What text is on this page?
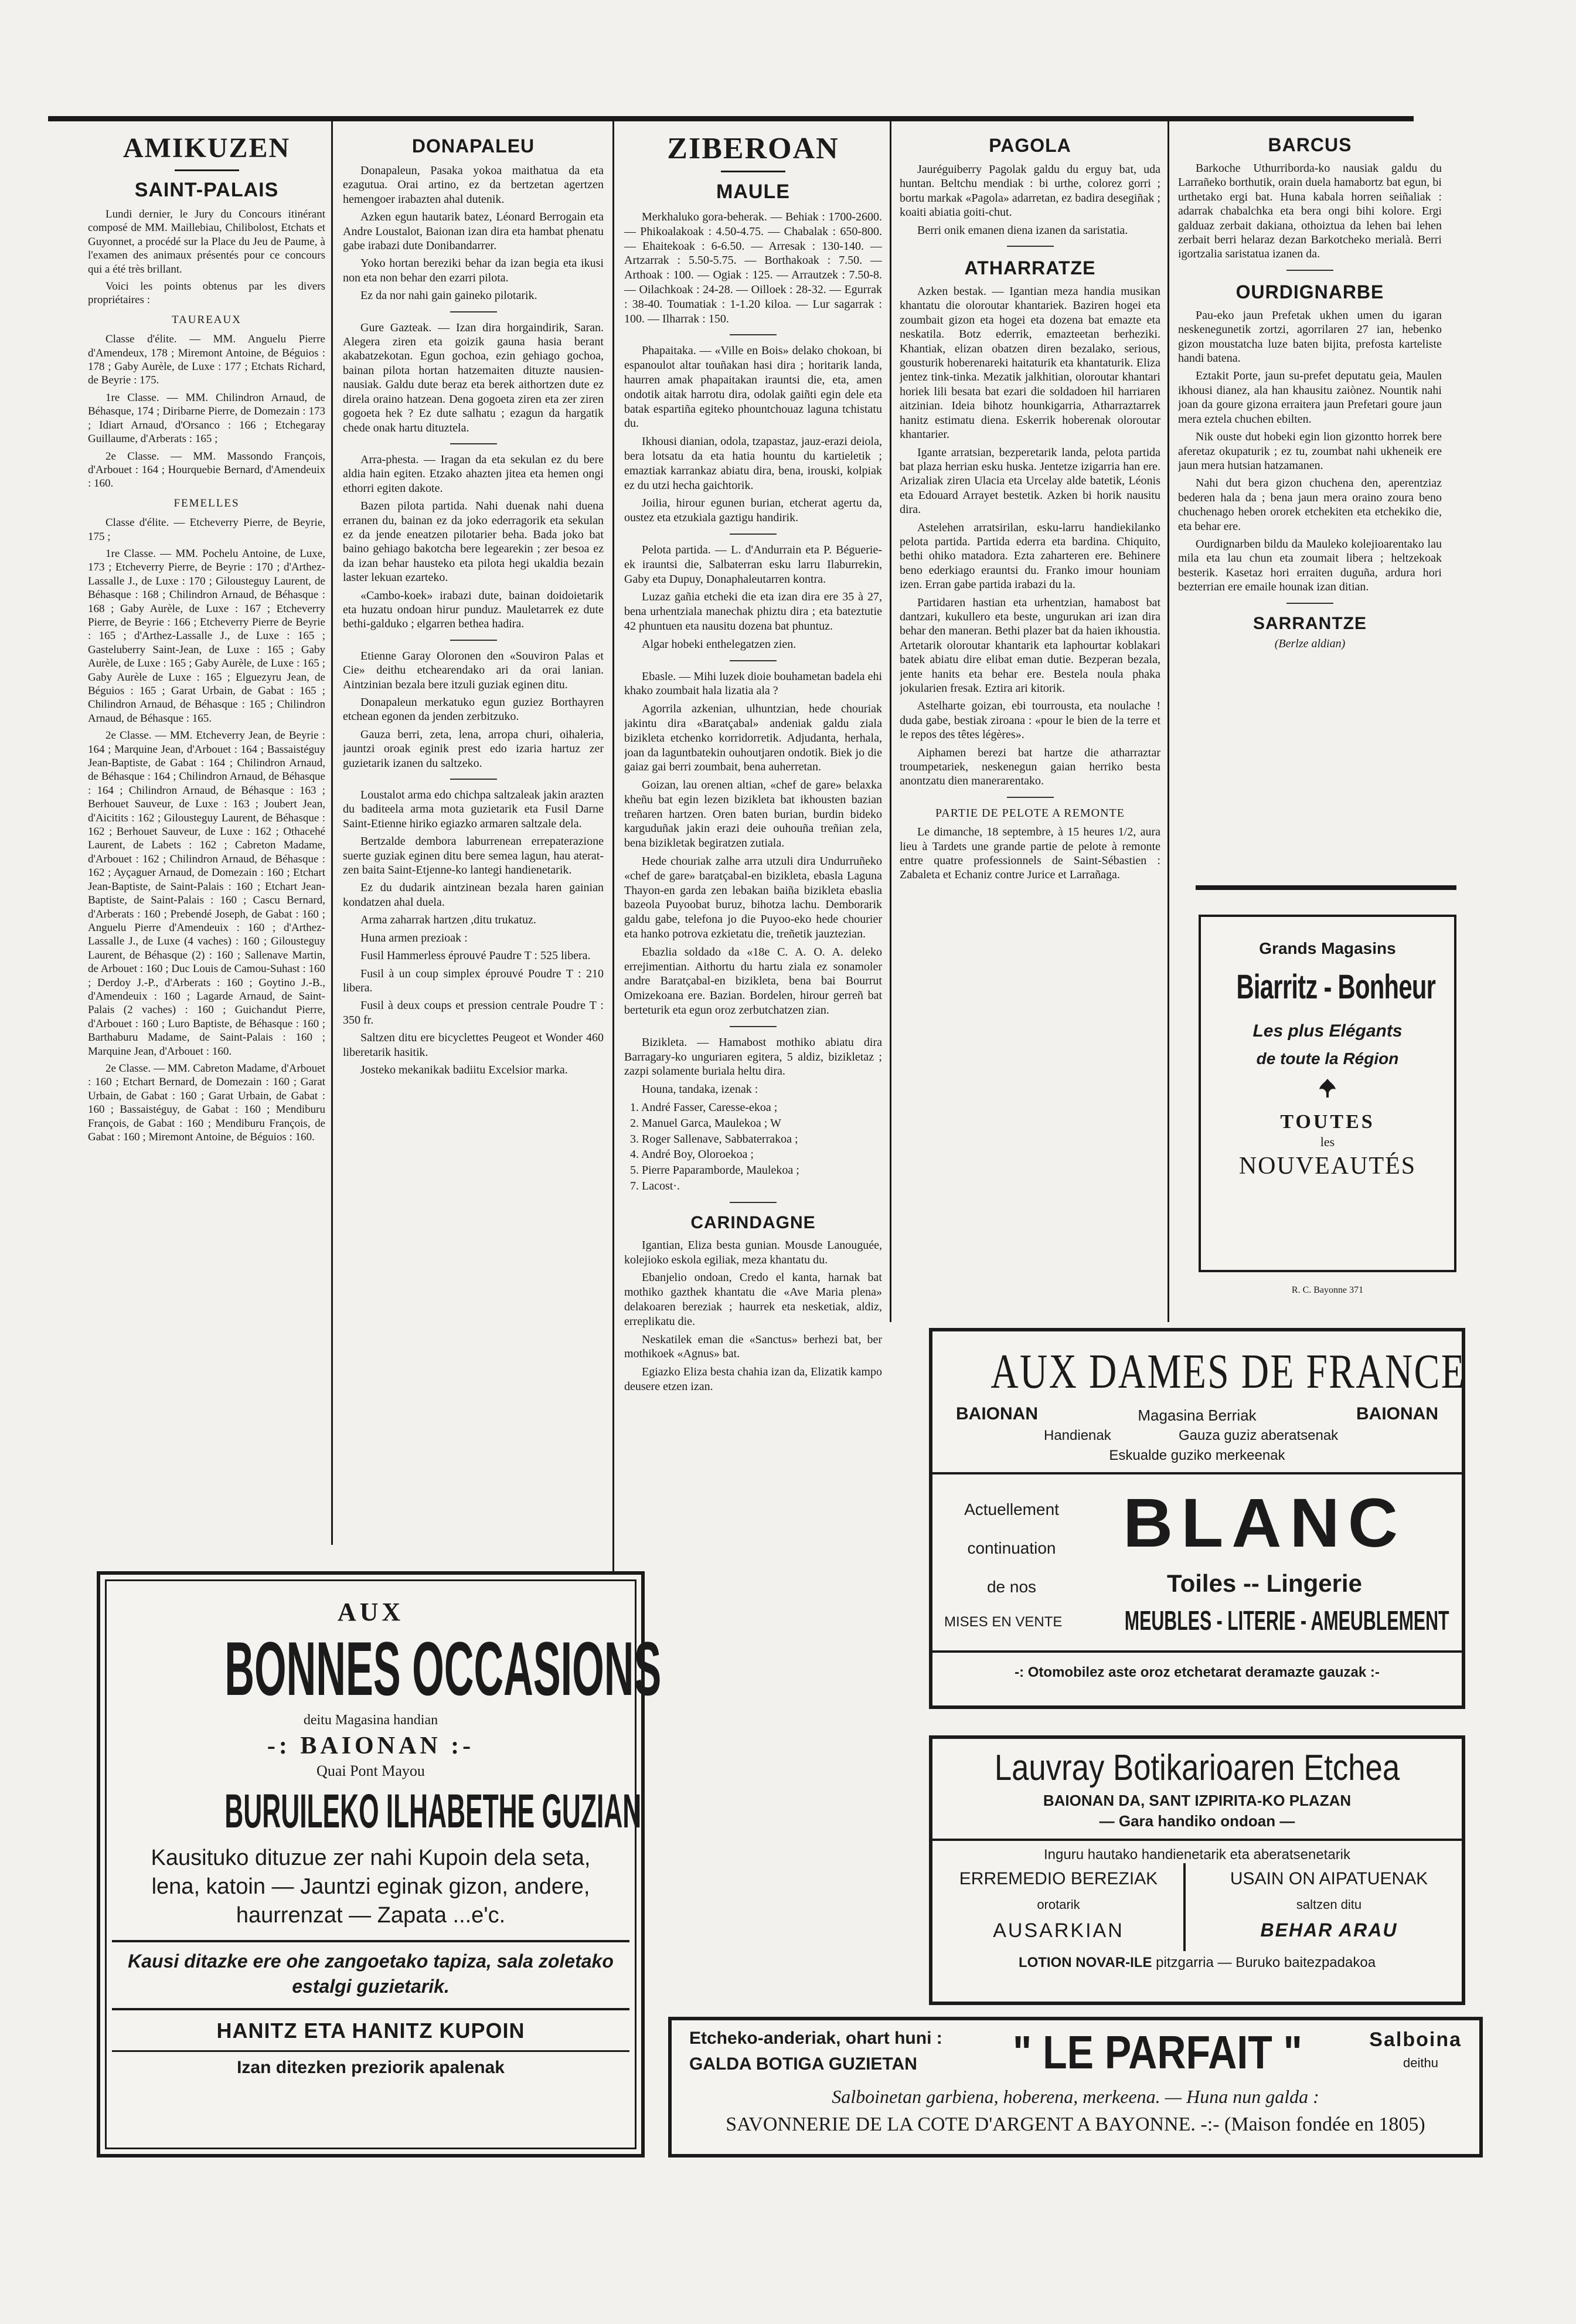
AMIKUZEN
SAINT-PALAIS

Lundi dernier, le Jury du Concours itinérant composé de MM. Maillebiau, Chilibolost, Etchats et Guyonnet, a procédé sur la Place du Jeu de Paume, à l'examen des animaux présentés pour ce concours qui a été très brillant.

Voici les points obtenus par les divers propriétaires :

TAUREAUX

Classe d'élite. — MM. Anguelu Pierre d'Amendeux, 178 ; Miremont Antoine, de Béguios : 178 ; Gaby Aurèle, de Luxe : 177 ; Etchats Richard, de Beyrie : 175.

1re Classe. — MM. Chilindron Arnaud, de Béhasque, 174 ; Diribarne Pierre, de Domezain : 173 ; Idiart Arnaud, d'Orsanco : 166 ; Etchegaray Guillaume, d'Arberats : 165 ;

2e Classe. — MM. Massondo François, d'Arbouet : 164 ; Hourquebie Bernard, d'Amendeuix : 160.

FEMELLES

Classe d'élite. — Etcheverry Pierre, de Beyrie, 175 ;

1re Classe. — MM. Pochelu Antoine, de Luxe, 173 ; Etcheverry Pierre, de Beyrie : 170 ; d'Arthez-Lassalle J., de Luxe : 170 ; Gilousteguy Laurent, de Béhasque : 168 ; Chilindron Arnaud, de Béhasque : 168 ; Gaby Aurèle, de Luxe : 167 ; Etcheverry Pierre, de Beyrie : 166 ; Etcheverry Pierre de Beyrie : 165 ; d'Arthez-Lassalle J., de Luxe : 165 ; Gasteluberry Saint-Jean, de Luxe : 165 ; Gaby Aurèle, de Luxe : 165 ; Gaby Aurèle, de Luxe : 165 ; Gaby Aurèle de Luxe : 165 ; Elguezyru Jean, de Béguios : 165 ; Garat Urbain, de Gabat : 165 ; Chilindron Arnaud, de Béhasque : 165 ; Chilindron Arnaud, de Béhasque : 165.

2e Classe. — MM. Etcheverry Jean, de Beyrie : 164 ; Marquine Jean, d'Arbouet : 164 ; Bassaistéguy Jean-Baptiste, de Gabat : 164 ; Chilindron Arnaud, de Béhasque : 164 ; Chilindron Arnaud, de Béhasque : 164 ; Chilindron Arnaud, de Béhasque : 163 ; Berhouet Sauveur, de Luxe : 163 ; Joubert Jean, d'Aicitits : 162 ; Gilousteguy Laurent, de Béhasque : 162 ; Berhouet Sauveur, de Luxe : 162 ; Othacehé Laurent, de Labets : 162 ; Cabreton Madame, d'Arbouet : 162 ; Chilindron Arnaud, de Béhasque : 162 ; Ayçaguer Arnaud, de Domezain : 160 ; Etchart Jean-Baptiste, de Saint-Palais : 160 ; Etchart Jean-Baptiste, de Saint-Palais : 160 ; Cascu Bernard, d'Arberats : 160 ; Prebendé Joseph, de Gabat : 160 ; Anguelu Pierre d'Amendeuix : 160 ; d'Arthez-Lassalle J., de Luxe (4 vaches) : 160 ; Gilousteguy Laurent, de Béhasque (2) : 160 ; Sallenave Martin, de Arbouet : 160 ; Duc Louis de Camou-Suhast : 160 ; Derdoy J.-P., d'Arberats : 160 ; Goytino J.-B., d'Amendeuix : 160 ; Lagarde Arnaud, de Saint-Palais (2 vaches) : 160 ; Guichandut Pierre, d'Arbouet : 160 ; Luro Baptiste, de Béhasque : 160 ; Barthaburu Madame, de Saint-Palais : 160 ; Marquine Jean, d'Arbouet : 160.

2e Classe. — MM. Cabreton Madame, d'Arbouet : 160 ; Etchart Bernard, de Domezain : 160 ; Garat Urbain, de Gabat : 160 ; Garat Urbain, de Gabat : 160 ; Bassaistéguy, de Gabat : 160 ; Mendiburu François, de Gabat : 160 ; Mendiburu François, de Gabat : 160 ; Miremont Antoine, de Béguios : 160.

DONAPALEU

Donapaleun, Pasaka yokoa maithatua da eta ezagutua. Orai artino, ez da bertzetan agertzen hemengoer irabazten ahal dutenik.

Azken egun hautarik batez, Léonard Berrogain eta Andre Loustalot, Baionan izan dira eta hambat phenatu gabe irabazi dute Donibandarrer.

Yoko hortan bereziki behar da izan begia eta ikusi non eta non behar den ezarri pilota.

Ez da nor nahi gain gaineko pilotarik.

Gure Gazteak. — Izan dira horgaindirik, Saran. Alegera ziren eta goizik gauna hasia berant akabatzekotan. Egun gochoa, ezin gehiago gochoa, bainan pilota hortan hatzemaiten dituzte nausien-nausiak. Galdu dute beraz eta berek aithortzen dute ez direla oraino hatzean. Dena gogoeta ziren eta zer ziren gogoeta hek ? Ez dute salhatu ; ezagun da hargatik chede onak hartu dituztela.

Arra-phesta. — Iragan da eta sekulan ez du bere aldia hain egiten. Etzako ahazten jitea eta hemen ongi ethorri egiten dakote.

Bazen pilota partida. Nahi duenak nahi duena erranen du, bainan ez da joko ederragorik eta sekulan ez da jende eneatzen pilotarier beha. Bada joko bat baino gehiago bakotcha bere legearekin ; zer besoa ez da izan behar hausteko eta pilota hegi ukaldia bezain laster lekuan ezarteko.

«Cambo-koek» irabazi dute, bainan doidoietarik eta huzatu ondoan hirur punduz. Mauletarrek ez dute bethi-galduko ; elgarren bethea hadira.

Etienne Garay Oloronen den «Souviron Palas et Cie» deithu etchearendako ari da orai lanian. Aintzinian bezala bere itzuli guziak eginen ditu.

Donapaleun merkatuko egun guziez Borthayren etchean egonen da jenden zerbitzuko.

Gauza berri, zeta, lena, arropa churi, oihaleria, jauntzi oroak eginik prest edo izaria hartuz zer guzietarik izanen du saltzeko.

Loustalot arma edo chichpa saltzaleak jakin arazten du baditeela arma mota guzietarik eta Fusil Darne Saint-Etienne hiriko egiazko armaren saltzale dela.

Bertzalde dembora laburrenean errepaterazione suerte guziak eginen ditu bere semea lagun, hau aterat-zen baita Saint-Etjenne-ko lantegi handienetarik.

Ez du dudarik aintzinean bezala haren gainian kondatzen ahal duela.

Arma zaharrak hartzen ,ditu trukatuz.

Huna armen prezioak :

Fusil Hammerless éprouvé Paudre T : 525 libera.

Fusil à un coup simplex éprouvé Poudre T : 210 libera.

Fusil à deux coups et pression centrale Poudre T : 350 fr.

Saltzen ditu ere bicyclettes Peugeot et Wonder 460 liberetarik hasitik.

Josteko mekanikak badiitu Excelsior marka.

ZIBEROAN
MAULE

Merkhaluko gora-beherak. — Behiak : 1700-2600. — Phikoalakoak : 4.50-4.75. — Chabalak : 650-800. — Ehaitekoak : 6-6.50. — Arresak : 130-140. — Artzarrak : 5.50-5.75. — Borthakoak : 7.50. — Arthoak : 100. — Ogiak : 125. — Arrautzek : 7.50-8. — Oilachkoak : 24-28. — Oilloek : 28-32. — Egurrak : 38-40. Toumatiak : 1-1.20 kiloa. — Lur sagarrak : 100. — Ilharrak : 150.

Phapaitaka. — «Ville en Bois» delako chokoan, bi espanoulot altar touñakan hasi dira ; horitarik landa, haurren amak phapaitakan irauntsi die, eta, amen ondotik aitak harrotu dira, odolak gaiñti egin dele eta batak espartiña egiteko phountchouaz laguna tchistatu du.

Ikhousi dianian, odola, tzapastaz, jauz-erazi deiola, bera lotsatu da eta hatia hountu du kartieletik ; emaztiak karrankaz abiatu dira, bena, irouski, kolpiak ez du utzi hecha gaichtorik.

Joilia, hirour egunen burian, etcherat agertu da, oustez eta etzukiala gaztigu handirik.

Pelota partida. — L. d'Andurrain eta P. Béguerie-ek irauntsi die, Salbaterran esku larru Ilaburrekin, Gaby eta Dupuy, Donaphaleutarren kontra.

Luzaz gañia etcheki die eta izan dira ere 35 à 27, bena urhentziala manechak phiztu dira ; eta bateztutie 42 phuntuen eta nausitu dozena bat phuntuz.

Algar hobeki enthelegatzen zien.

Ebasle. — Mihi luzek dioie bouhametan badela ehi khako zoumbait hala lizatia ala ?

Agorrila azkenian, ulhuntzian, hede chouriak jakintu dira «Baratçabal» andeniak galdu ziala bizikleta etchenko korridorretik. Adjudanta, herhala, joan da laguntbatekin ouhoutjaren ondotik. Biek jo die gaiaz gai berri zoumbait, bena auherretan.

Goizan, lau orenen altian, «chef de gare» belaxka kheñu bat egin lezen bizikleta bat ikhousten bazian treñaren hartzen. Oren baten burian, burdin bideko karguduñak jakin erazi deie ouhouña treñian zela, bena bizikletak begiratzen zutiala.

Hede chouriak zalhe arra utzuli dira Undurruñeko «chef de gare» baratçabal-en bizikleta, ebasla Laguna Thayon-en garda zen lebakan baiña bizikleta ebaslia bazeola Puyoobat buruz, bihotza lachu. Demborarik galdu gabe, telefona jo die Puyoo-eko hede chourier eta hanko potrova ezkietatu die, treñetik jauztezian.

Ebazlia soldado da «18e C. A. O. A. deleko errejimentian. Aithortu du hartu ziala ez sonamoler andre Baratçabal-en bizikleta, bena bai Bourrut Omizekoana ere. Bazian. Bordelen, hirour gerreñ bat berteturik eta egun oroz zerbutchatzen zian.

Bizikleta. — Hamabost mothiko abiatu dira Barragary-ko unguriaren egitera, 5 aldiz, bizikletaz ; zazpi solamente buriala heltu dira.

Houna, tandaka, izenak :

1. André Fasser, Caresse-ekoa ;

2. Manuel Garca, Maulekoa ; W

3. Roger Sallenave, Sabbaterrakoa ;

4. André Boy, Oloroekoa ;

5. Pierre Paparamborde, Maulekoa ;

7. Lacost·.

CARINDAGNE

Igantian, Eliza besta gunian. Mousde Lanouguée, kolejioko eskola egiliak, meza khantatu du.

Ebanjelio ondoan, Credo el kanta, harnak bat mothiko gazthek khantatu die «Ave Maria plena» delakoaren bereziak ; haurrek eta nesketiak, aldiz, erreplikatu die.

Neskatilek eman die «Sanctus» berhezi bat, ber mothikoek «Agnus» bat.

Egiazko Eliza besta chahia izan da, Elizatik kampo deusere etzen izan.

PAGOLA

Jauréguiberry Pagolak galdu du erguy bat, uda huntan. Beltchu mendiak : bi urthe, colorez gorri ; bortu markak «Pagola» adarretan, ez badira desegiñak ; koaiti abiatia goiti-chut.

Berri onik emanen diena izanen da saristatia.

ATHARRATZE

Azken bestak. — Igantian meza handia musikan khantatu die oloroutar khantariek. Baziren hogei eta zoumbait gizon eta hogei eta dozena bat emazte eta neskatila. Botz ederrik, emazteetan berheziki. Khantiak, elizan obatzen diren bezalako, serious, gousturik hoberenareki haitaturik eta khantaturik. Eliza jentez tink-tinka. Mezatik jalkhitian, oloroutar khantari horiek lili besata bat ezari die soldadoen hil harriaren aitzinian. Ideia bihotz hounkigarria, Atharraztarrek hanitz estimatu diena. Eskerrik hoberenak oloroutar khantarier.

Igante arratsian, bezperetarik landa, pelota partida bat plaza herrian esku huska. Jentetze izigarria han ere. Arizaliak ziren Ulacia eta Urcelay alde batetik, Léonis eta Edouard Arrayet bestetik. Azken bi horik nausitu dira.

Astelehen arratsirilan, esku-larru handiekilanko pelota partida. Partida ederra eta bardina. Chiquito, bethi ohiko matadora. Ezta zaharteren ere. Behinere beno ederkiago erauntsi du. Franko imour houniam izen. Erran gabe partida irabazi du la.

Partidaren hastian eta urhentzian, hamabost bat dantzari, kukullero eta beste, ungurukan ari izan dira behar den maneran. Bethi plazer bat da haien ikhoustia. Artetarik oloroutar khantarik eta laphourtar koblakari batek abiatu dire elibat eman dutie. Bezperan bezala, jente hanits eta behar ere. Bestela noula phaka jokularien fresak. Eztira ari kitorik.

Astelharte goizan, ebi tourrousta, eta noulache ! duda gabe, bestiak ziroana : «pour le bien de la terre et le repos des têtes légères».

Aiphamen berezi bat hartze die atharraztar troumpetariek, neskenegun gaian herriko besta anontzatu dien manerarentako.

PARTIE DE PELOTE A REMONTE

Le dimanche, 18 septembre, à 15 heures 1/2, aura lieu à Tardets une grande partie de pelote à remonte entre quatre professionnels de Saint-Sébastien : Zabaleta et Echaniz contre Jurice et Larrañaga.

BARCUS

Barkoche Uthurriborda-ko nausiak galdu du Larrañeko borthutik, orain duela hamabortz bat egun, bi urthetako ergi bat. Huna kabala horren seiñaliak : adarrak chabalchka eta bera ongi bihi kolore. Ergi galduaz zerbait dakiana, othoiztua da lehen bai lehen zerbait berri helaraz dezan Barkotcheko merialà. Berri igortzalia saristatua izanen da.

OURDIGNARBE

Pau-eko jaun Prefetak ukhen umen du igaran neskenegunetik zortzi, agorrilaren 27 ian, hebenko gizon moustatcha luze baten bijita, prefosta karteliste handi batena.

Eztakit Porte, jaun su-prefet deputatu geia, Maulen ikhousi dianez, ala han khausitu zaiònez. Nountik nahi joan da goure gizona erraitera jaun Prefetari goure jaun mera eztela chuchen ebilten.

Nik ouste dut hobeki egin lion gizontto horrek bere aferetaz okupaturik ; ez tu, zoumbat nahi ukheneik ere jaun mera hutsian hatzamanen.

Nahi dut bera gizon chuchena den, aperentziaz bederen hala da ; bena jaun mera oraino zoura beno chuchenago heben ororek etchekiten eta etchekiko die, eta behar ere.

Ourdignarben bildu da Mauleko kolejioarentako lau mila eta lau chun eta zoumait libera ; heltzekoak besterik. Kasetaz hori erraiten duguña, ardura hori bezterrian ere emaile hounak izan ditian.

SARRANTZE

(Berlze aldian)

Grands Magasins
Biarritz - Bonheur
Les plus Elégants
de toute la Région
TOUTES
les
NOUVEAUTÉS
R. C. Bayonne 371
AUX
BONNES OCCASIONS
deitu Magasina handian
-: BAIONAN :-
Quai Pont Mayou
BURUILEKO ILHABETHE GUZIAN
Kausituko dituzue zer nahi Kupoin dela seta,
lena, katoin — Jauntzi eginak gizon, andere,
haurrenzat — Zapata ...e'c.
Kausi ditazke ere ohe zangoetako tapiza, sala zoletako
estalgi guzietarik.
HANITZ ETA HANITZ KUPOIN
Izan ditezken preziorik apalenak
AUX DAMES DE FRANCE
BAIONAN	Magasina Berriak	BAIONAN
Handienak	Gauza guziz aberatsenak
Eskualde guziko merkeenak
Actuellement
continuation
de nos
BLANC
Toiles -- Lingerie
MISES EN VENTE MEUBLES - LITERIE - AMEUBLEMENT
-: Otomobilez aste oroz etchetarat deramazte gauzak :-
Lauvray Botikarioaren Etchea
BAIONAN DA, SANT IZPIRITA-KO PLAZAN
— Gara handiko ondoan —
Inguru hautako handienetarik eta aberatsenetarik
ERREMEDIO BEREZIAK	USAIN ON AIPATUENAK
orotarik	saltzen ditu
AUSARKIAN	BEHAR ARAU
LOTION NOVAR-ILE pitzgarria — Buruko baitezpadakoa
Etcheko-anderiak, ohart huni :
GALDA BOTIGA GUZIETAN " LE PARFAIT "	Salboina
deithu
Salboinetan garbiena, hoberena, merkeena. — Huna nun galda :
SAVONNERIE DE LA COTE D'ARGENT A BAYONNE. -:- (Maison fondée en 1805)
